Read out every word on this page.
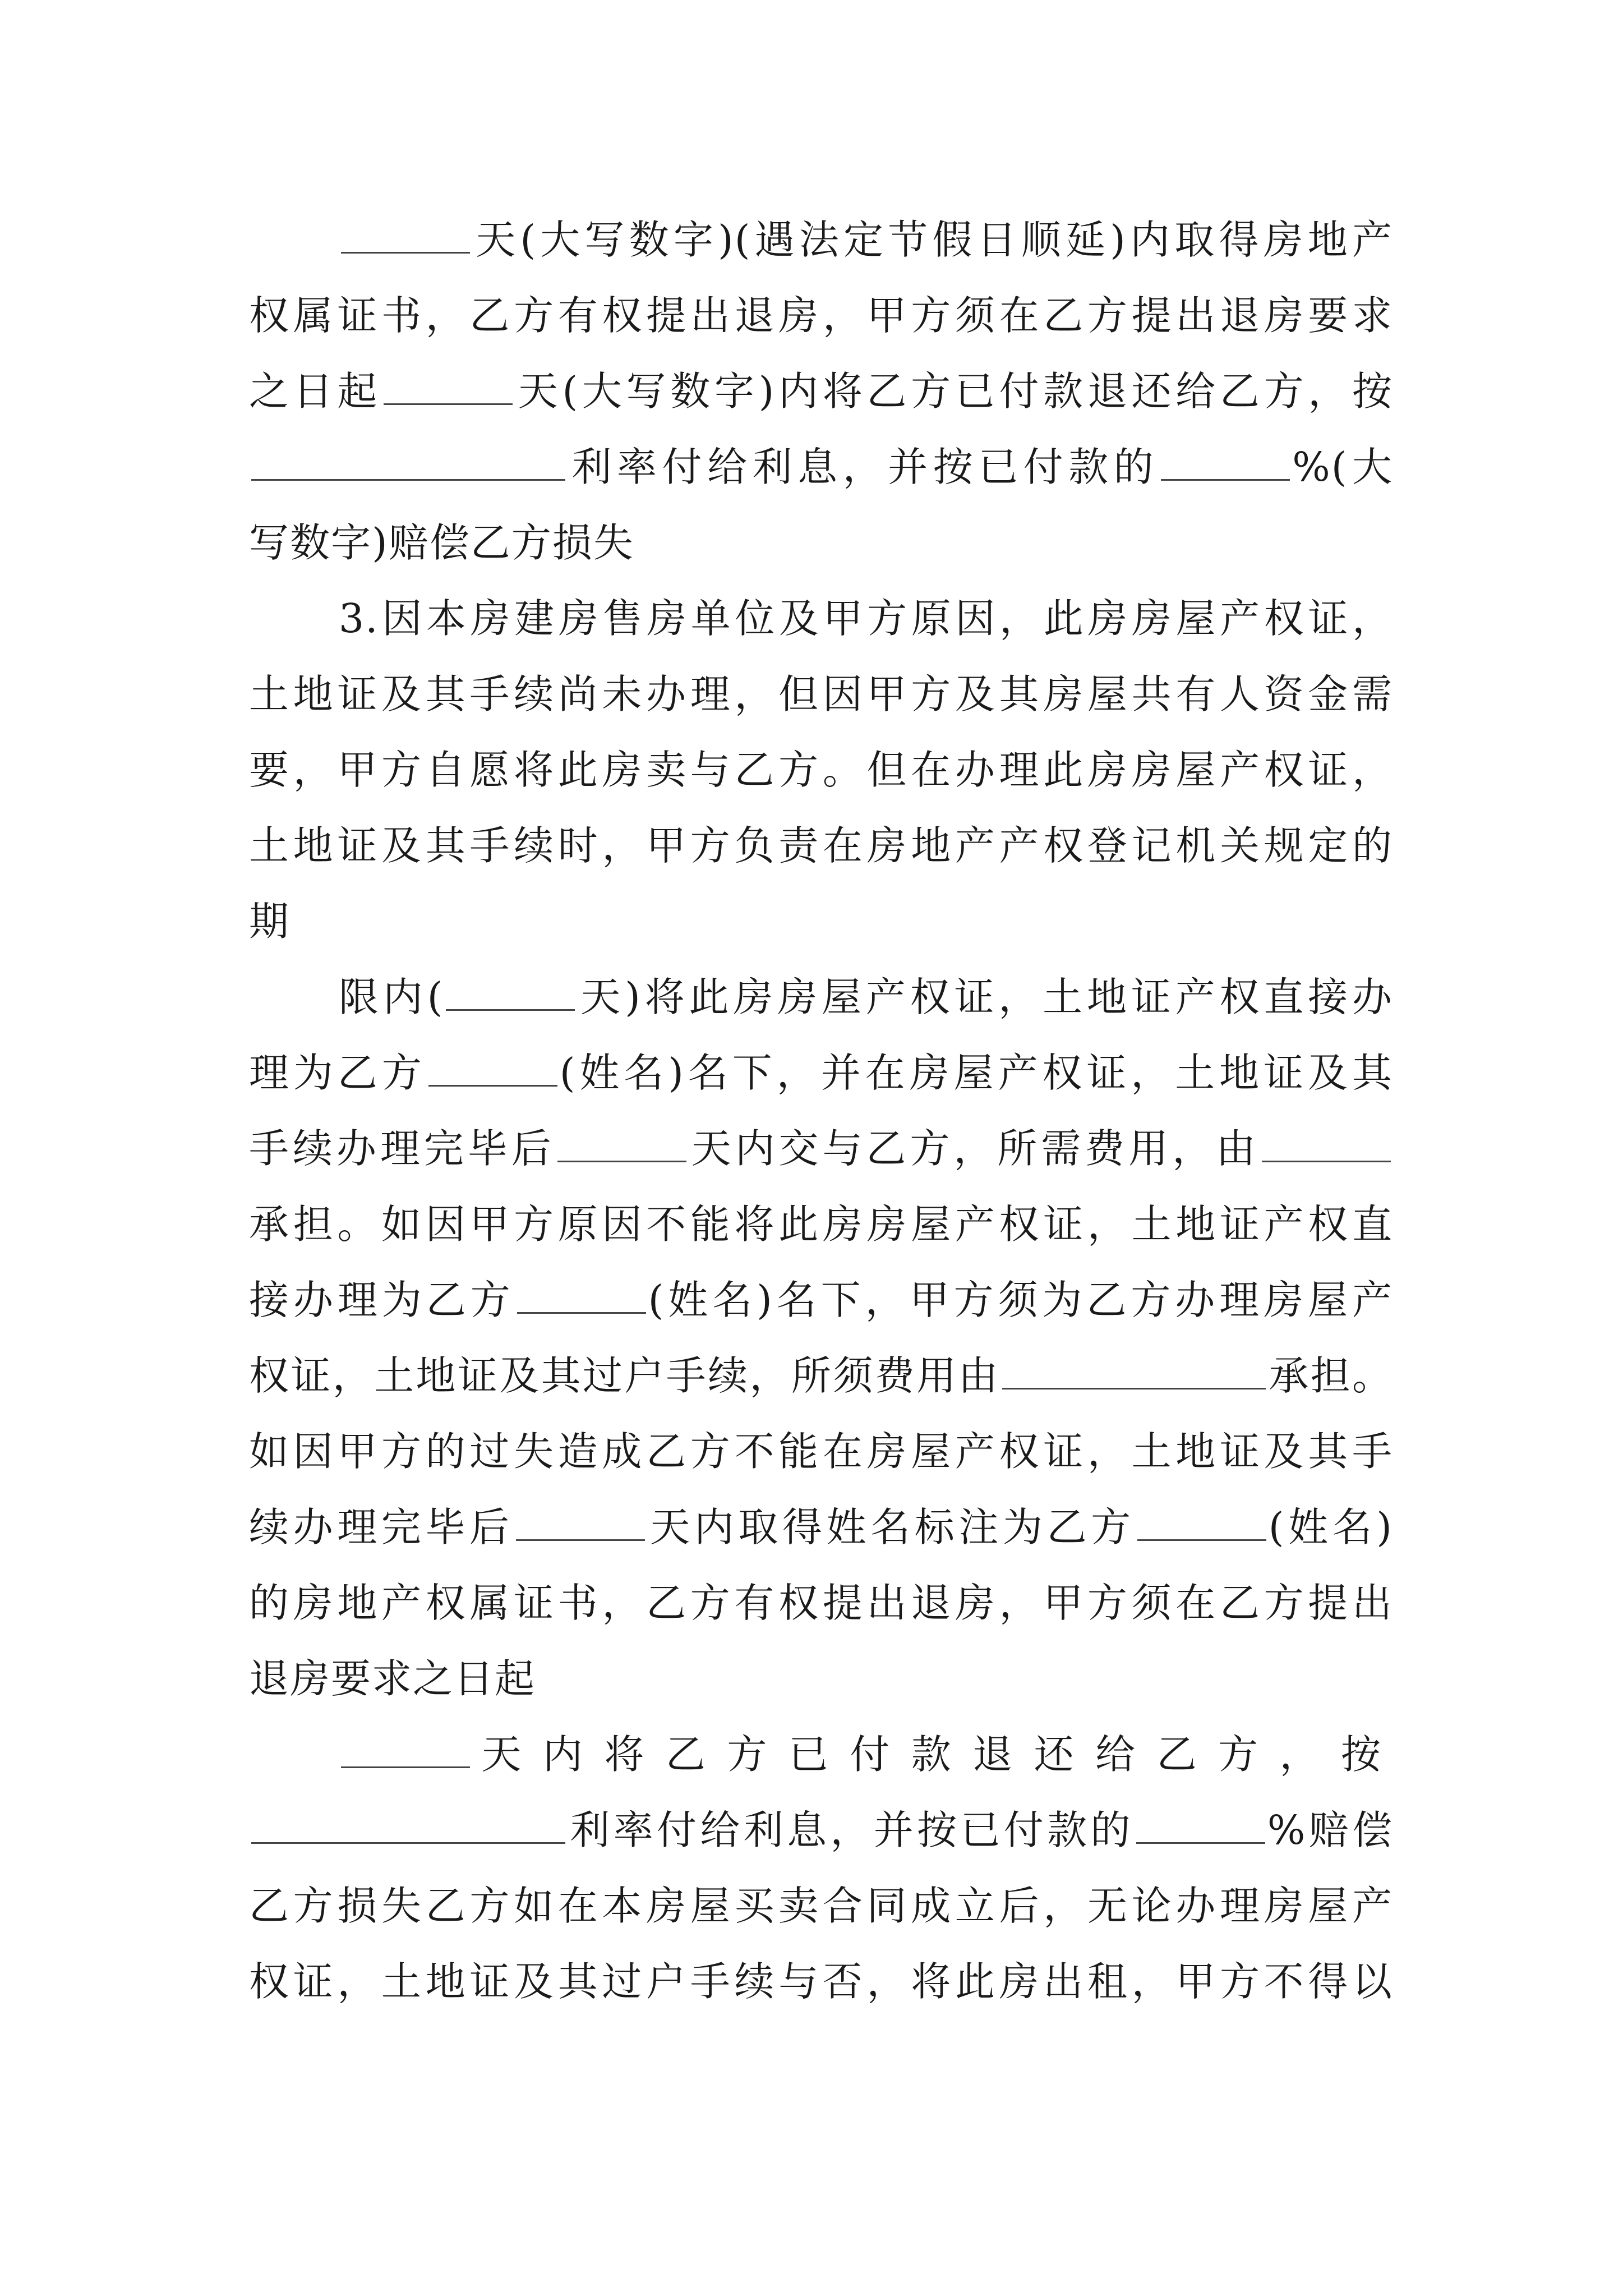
天(大写数字)(遇法定节假日顺延)内取得房地产
权属证书，乙方有权提出退房，甲方须在乙方提出退房要求
之日起	天(大写数字)内将乙方已付款退还给乙方，按
利率付给利息，并按已付款的	%(大
写数字)赔偿乙方损失
3.因本房建房售房单位及甲方原因，此房房屋产权证，
土地证及其手续尚未办理，但因甲方及其房屋共有人资金需
要，甲方自愿将此房卖与乙方。但在办理此房房屋产权证，
土地证及其手续时，甲方负责在房地产产权登记机关规定的
期
限内(	天)将此房房屋产权证，土地证产权直接办
理为乙方	(姓名)名下，并在房屋产权证，土地证及其
手续办理完毕后	天内交与乙方，所需费用，由
承担。如因甲方原因不能将此房房屋产权证，土地证产权直
接办理为乙方	(姓名)名下，甲方须为乙方办理房屋产
权证，土地证及其过户手续，所须费用由	承担。
如因甲方的过失造成乙方不能在房屋产权证，土地证及其手
续办理完毕后	天内取得姓名标注为乙方	(姓名)
的房地产权属证书，乙方有权提出退房，甲方须在乙方提出
退房要求之日起
天内将乙方已付款退还给乙方，按
利率付给利息，并按已付款的	%赔偿
乙方损失乙方如在本房屋买卖合同成立后，无论办理房屋产
权证，土地证及其过户手续与否，将此房出租，甲方不得以
